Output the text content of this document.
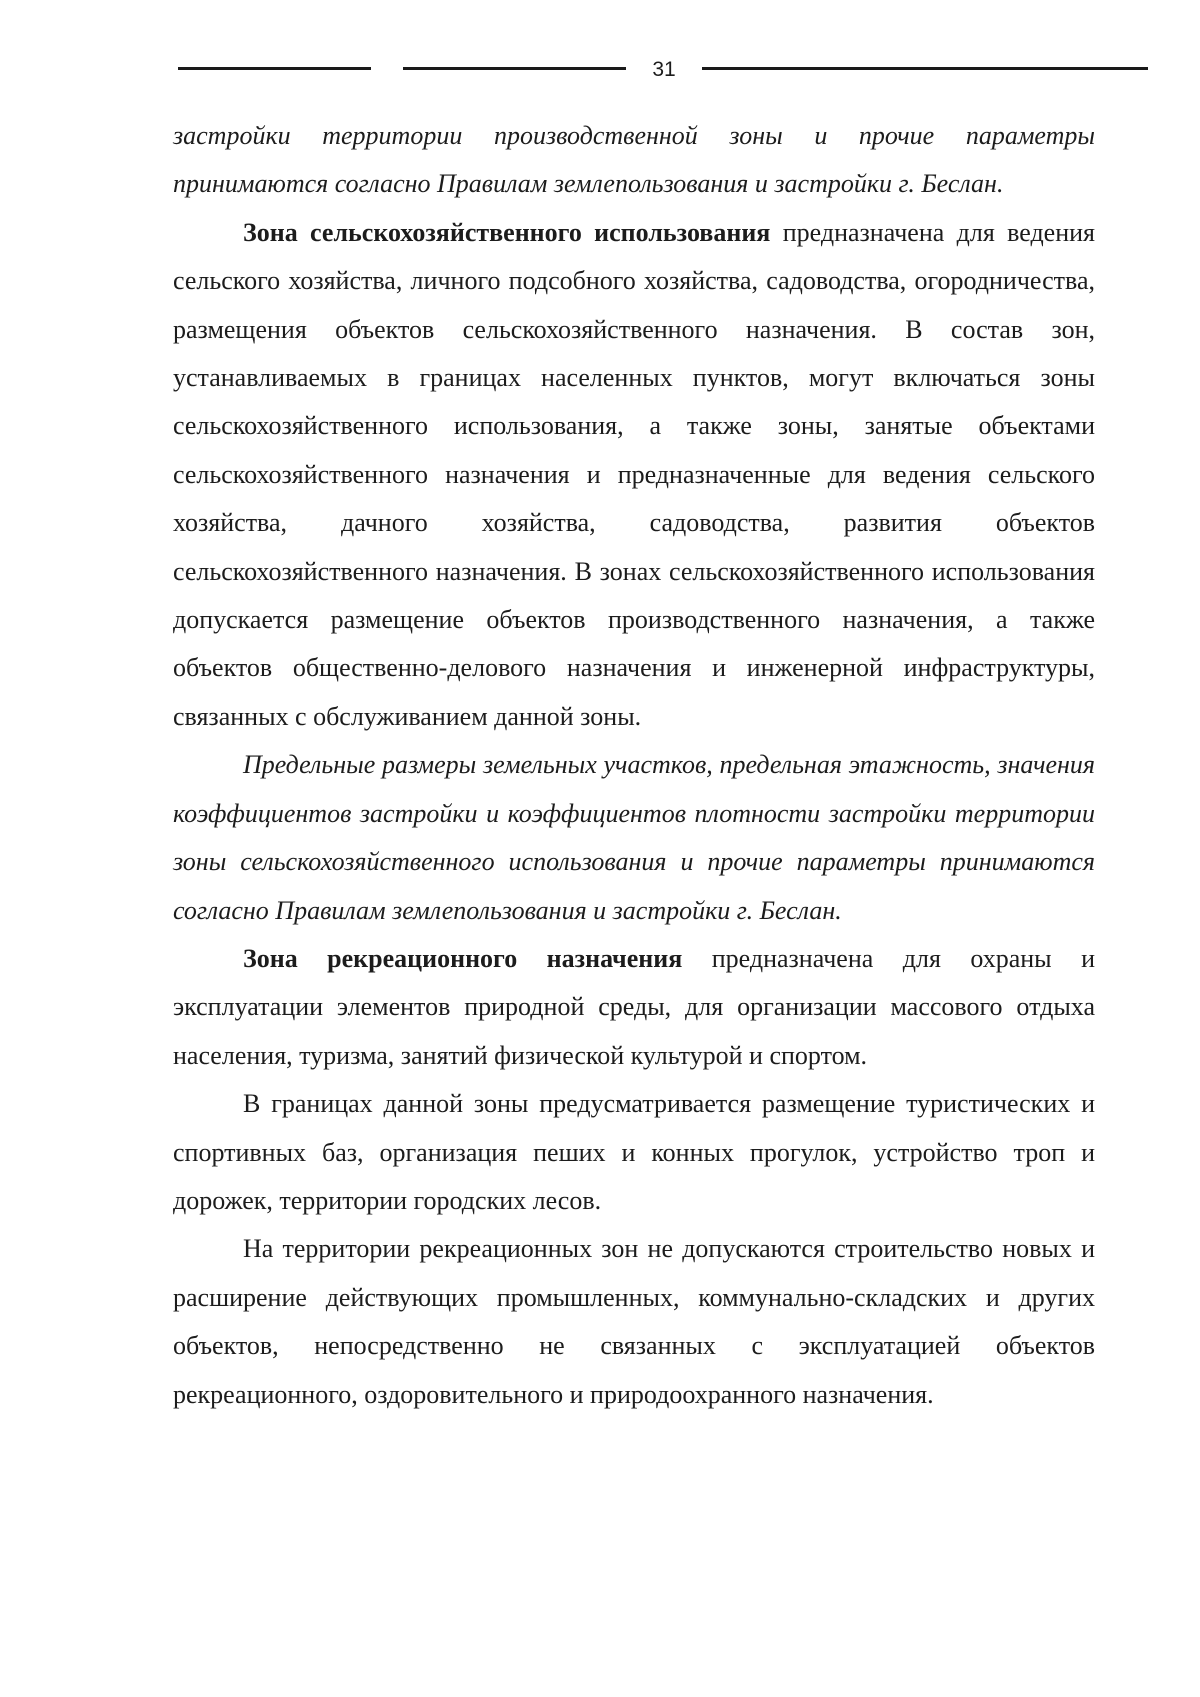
31

застройки территории производственной зоны и прочие параметры принимаются согласно Правилам землепользования и застройки г. Беслан.

Зона сельскохозяйственного использования предназначена для ведения сельского хозяйства, личного подсобного хозяйства, садоводства, огородничества, размещения объектов сельскохозяйственного назначения. В состав зон, устанавливаемых в границах населенных пунктов, могут включаться зоны сельскохозяйственного использования, а также зоны, занятые объектами сельскохозяйственного назначения и предназначенные для ведения сельского хозяйства, дачного хозяйства, садоводства, развития объектов сельскохозяйственного назначения. В зонах сельскохозяйственного использования допускается размещение объектов производственного назначения, а также объектов общественно-делового назначения и инженерной инфраструктуры, связанных с обслуживанием данной зоны.

Предельные размеры земельных участков, предельная этажность, значения коэффициентов застройки и коэффициентов плотности застройки территории зоны сельскохозяйственного использования и прочие параметры принимаются согласно Правилам землепользования и застройки г. Беслан.

Зона рекреационного назначения предназначена для охраны и эксплуатации элементов природной среды, для организации массового отдыха населения, туризма, занятий физической культурой и спортом.

В границах данной зоны предусматривается размещение туристических и спортивных баз, организация пеших и конных прогулок, устройство троп и дорожек, территории городских лесов.

На территории рекреационных зон не допускаются строительство новых и расширение действующих промышленных, коммунально-складских и других объектов, непосредственно не связанных с эксплуатацией объектов рекреационного, оздоровительного и природоохранного назначения.
